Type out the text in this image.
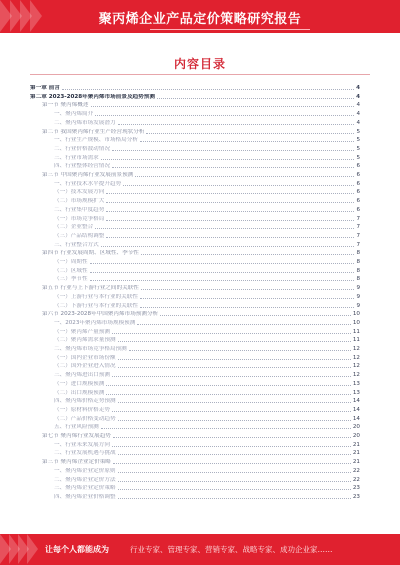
聚丙烯企业产品定价策略研究报告
内容目录
第一章 前言	4
第二章 2023-2028年聚丙烯市场前景及趋势预测	4
第一节 聚丙烯概述	4
一、聚丙烯简介	4
二、聚丙烯市场发展潜力	4
第二节 我国聚丙烯行业生产经营现状分析	5
一、行业生产规模、市场格局分析	5
二、行业价格波动情况	5
三、行业市场需求	5
四、行业整体经营情况	6
第三节 中国聚丙烯行业发展前景预测	6
一、行业技术水平提升趋势	6
（一）技术发展方向	6
（二）市场规模扩大	6
二、行业集中度趋势	6
（一）市场竞争格局	7
（二）企业整合	7
（三）产品结构调整	7
三、行业整合方式	7
第四节 行业发展周期、区域性、季节性	8
（一）周期性	8
（二）区域性	8
（三）季节性	8
第五节 行业与上下游行业之间的关联性	9
（一）上游行业与本行业的关联性	9
（二）下游行业与本行业的关联性	9
第六节 2023-2028年中国聚丙烯市场预测分析	10
一、2023年聚丙烯市场规模预测	10
（一）聚丙烯产量预测	11
（二）聚丙烯需求量预测	11
二、聚丙烯市场竞争格局预测	12
（一）国内企业市场份额	12
（二）国外企业进入情况	12
三、聚丙烯进出口预测	12
（一）进口规模预测	13
（二）出口规模预测	13
四、聚丙烯价格走势预测	14
（一）原材料价格走势	14
（二）产品价格变动趋势	14
五、行业风险预测	20
第七节 聚丙烯行业发展趋势	20
一、行业未来发展方向	21
二、行业发展机遇与挑战	21
第三节 聚丙烯企业定价策略	21
一、聚丙烯企业定价原则	22
二、聚丙烯企业定价方法	22
三、聚丙烯企业定价策略	23
四、聚丙烯企业价格调整	23
让每个人都能成为	行业专家、管理专家、营销专家、战略专家、成功企业家……
